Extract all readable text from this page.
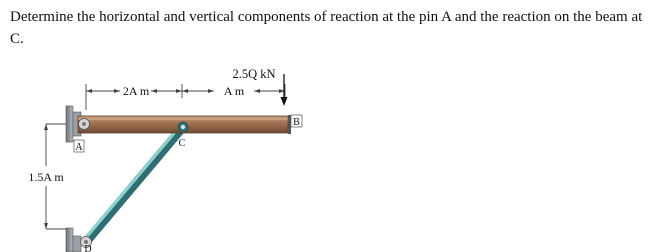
Determine the horizontal and vertical components of reaction at the pin A and the reaction on the beam at C.

2A m	A m
2.5Q kN
1.5A m
A	C
B
D
